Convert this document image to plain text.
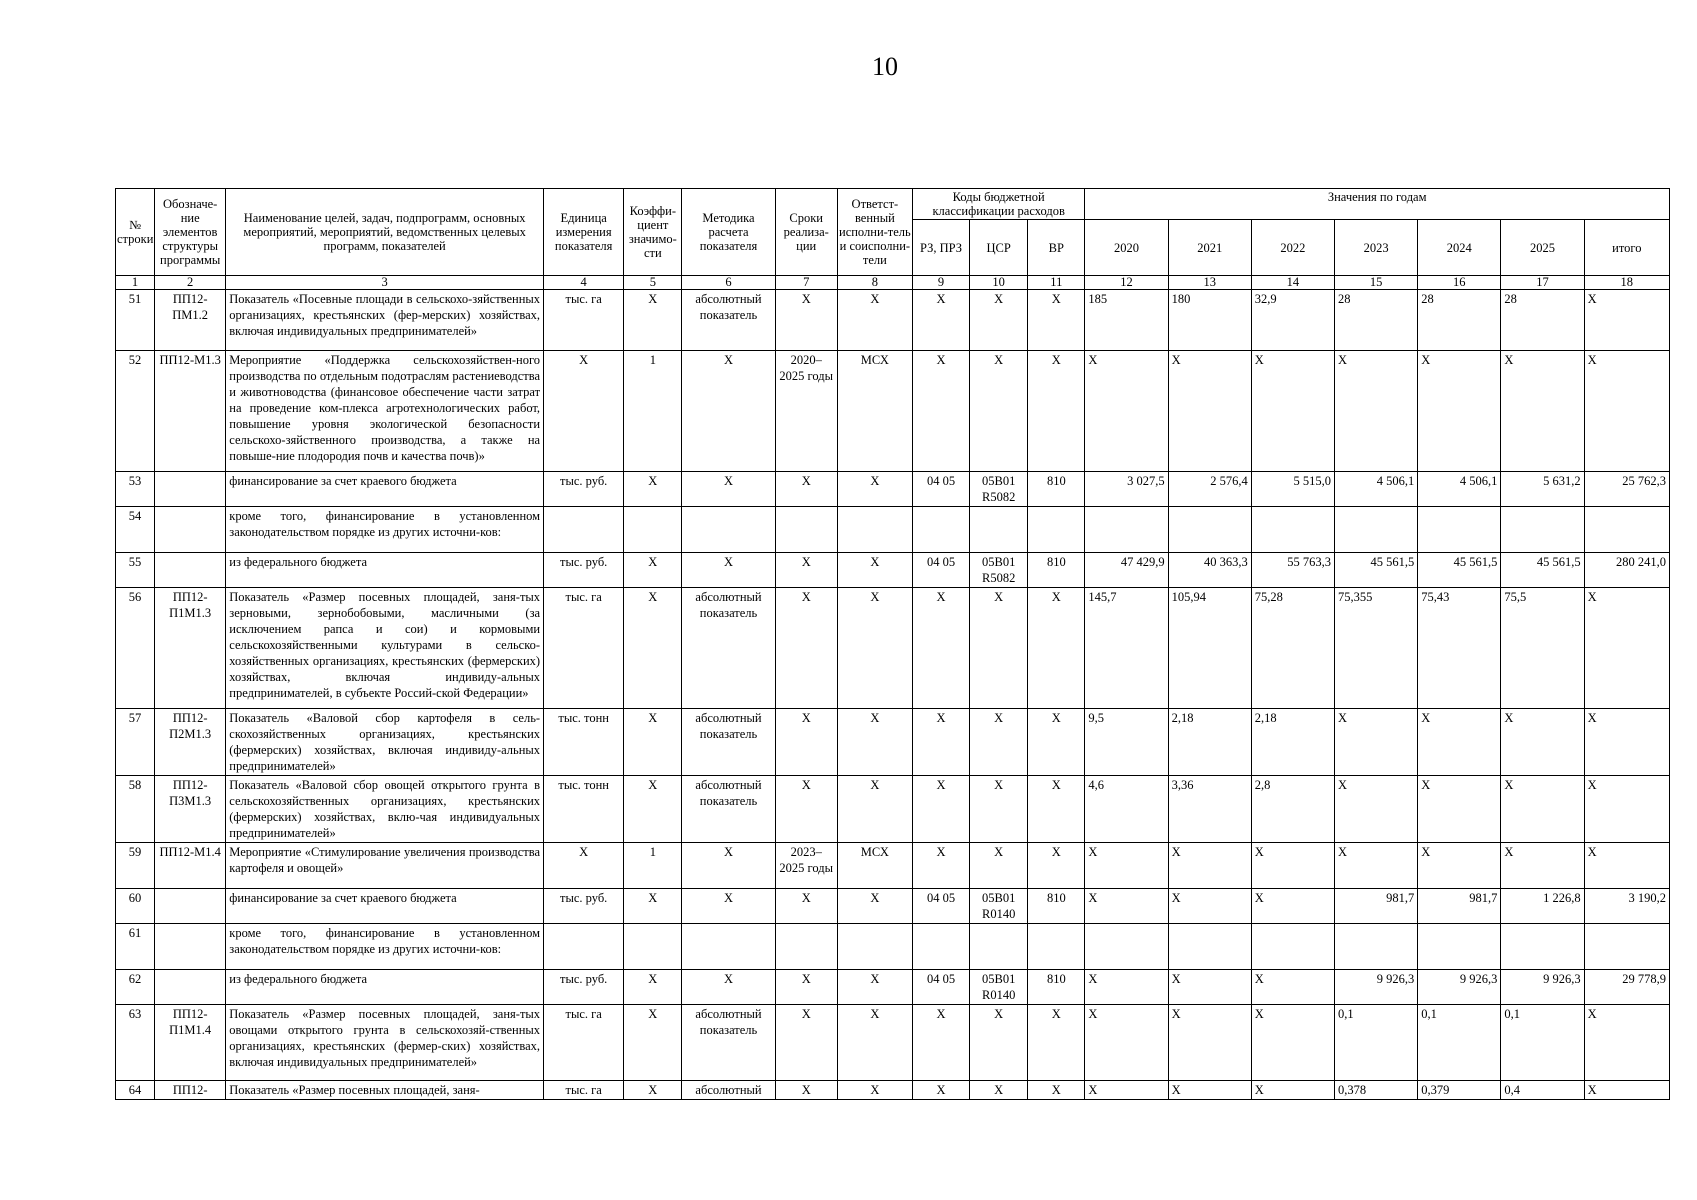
10
№ строки	Обозначе-ние элементов структуры программы	Наименование целей, задач, подпрограмм, основных мероприятий, мероприятий, ведомственных целевых программ, показателей	Единица измерения показателя	Коэффи-циент значимо-сти	Методика расчета показателя	Сроки реализа-ции	Ответст-венный исполни-тель и соисполни-тели	Коды бюджетной классификации расходов			Значения по годам						
								РЗ, ПРЗ	ЦСР	ВР	2020	2021	2022	2023	2024	2025	итого
1	2	3	4	5	6	7	8	9	10	11	12	13	14	15	16	17	18
51	ПП12-ПМ1.2	Показатель «Посевные площади в сельскохо-зяйственных организациях, крестьянских (фер-мерских) хозяйствах, включая индивидуальных предпринимателей»	тыс. га	Х	абсолютный показатель	Х	Х	Х	Х	Х	185	180	32,9	28	28	28	Х
52	ПП12-М1.3	Мероприятие «Поддержка сельскохозяйствен-ного производства по отдельным подотраслям растениеводства и животноводства (финансовое обеспечение части затрат на проведение ком-плекса агротехнологических работ, повышение уровня экологической безопасности сельскохо-зяйственного производства, а также на повыше-ние плодородия почв и качества почв)»	Х	1	Х	2020–2025 годы	МСХ	Х	Х	Х	Х	Х	Х	Х	Х	Х	Х
53		финансирование за счет краевого бюджета	тыс. руб.	Х	Х	Х	Х	04 05	05В01 R5082	810	3 027,5	2 576,4	5 515,0	4 506,1	4 506,1	5 631,2	25 762,3
54		кроме того, финансирование в установленном законодательством порядке из других источни-ков:															
55		из федерального бюджета	тыс. руб.	Х	Х	Х	Х	04 05	05В01 R5082	810	47 429,9	40 363,3	55 763,3	45 561,5	45 561,5	45 561,5	280 241,0
56	ПП12-П1М1.3	Показатель «Размер посевных площадей, заня-тых зерновыми, зернобобовыми, масличными (за исключением рапса и сои) и кормовыми сельскохозяйственными культурами в сельско-хозяйственных организациях, крестьянских (фермерских) хозяйствах, включая индивиду-альных предпринимателей, в субъекте Россий-ской Федерации»	тыс. га	Х	абсолютный показатель	Х	Х	Х	Х	Х	145,7	105,94	75,28	75,355	75,43	75,5	Х
57	ПП12-П2М1.3	Показатель «Валовой сбор картофеля в сель-скохозяйственных организациях, крестьянских (фермерских) хозяйствах, включая индивиду-альных предпринимателей»	тыс. тонн	Х	абсолютный показатель	Х	Х	Х	Х	Х	9,5	2,18	2,18	Х	Х	Х	Х
58	ПП12-П3М1.3	Показатель «Валовой сбор овощей открытого грунта в сельскохозяйственных организациях, крестьянских (фермерских) хозяйствах, вклю-чая индивидуальных предпринимателей»	тыс. тонн	Х	абсолютный показатель	Х	Х	Х	Х	Х	4,6	3,36	2,8	Х	Х	Х	Х
59	ПП12-М1.4	Мероприятие «Стимулирование увеличения производства картофеля и овощей»	Х	1	Х	2023–2025 годы	МСХ	Х	Х	Х	Х	Х	Х	Х	Х	Х	Х
60		финансирование за счет краевого бюджета	тыс. руб.	Х	Х	Х	Х	04 05	05В01 R0140	810	Х	Х	Х	981,7	981,7	1 226,8	3 190,2
61		кроме того, финансирование в установленном законодательством порядке из других источни-ков:															
62		из федерального бюджета	тыс. руб.	Х	Х	Х	Х	04 05	05В01 R0140	810	Х	Х	Х	9 926,3	9 926,3	9 926,3	29 778,9
63	ПП12-П1М1.4	Показатель «Размер посевных площадей, заня-тых овощами открытого грунта в сельскохозяй-ственных организациях, крестьянских (фермер-ских) хозяйствах, включая индивидуальных предпринимателей»	тыс. га	Х	абсолютный показатель	Х	Х	Х	Х	Х	Х	Х	Х	0,1	0,1	0,1	Х
64	ПП12-	Показатель «Размер посевных площадей, заня-	тыс. га	Х	абсолютный	Х	Х	Х	Х	Х	Х	Х	Х	0,378	0,379	0,4	Х
